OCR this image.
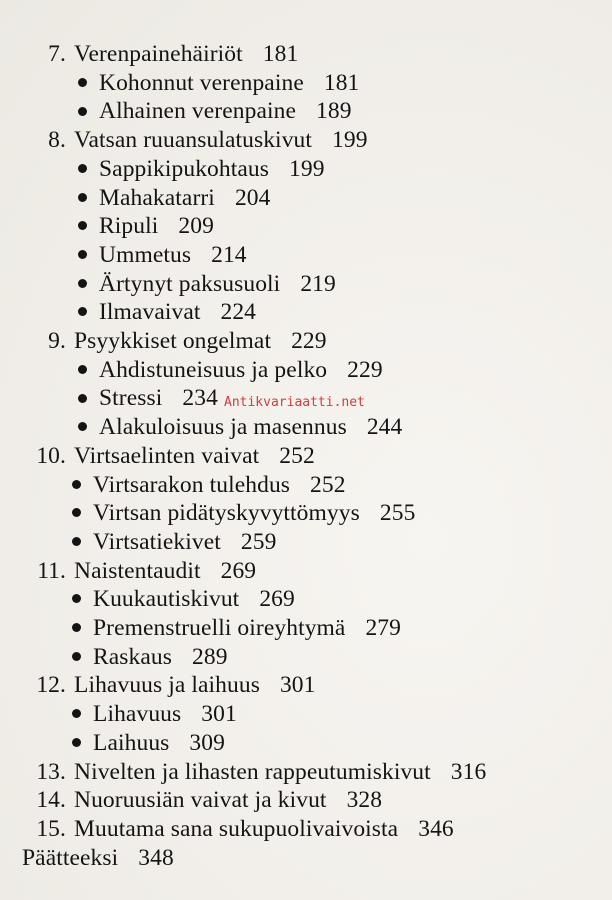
7. Verenpainehäiriöt 181
Kohonnut verenpaine 181
Alhainen verenpaine 189
8. Vatsan ruuansulatuskivut 199
Sappikipukohtaus 199
Mahakatarri 204
Ripuli 209
Ummetus 214
Ärtynyt paksusuoli 219
Ilmavaivat 224
9. Psyykkiset ongelmat 229
Ahdistuneisuus ja pelko 229
Stressi 234
Alakuloisuus ja masennus 244
10. Virtsaelinten vaivat 252
Virtsarakon tulehdus 252
Virtsan pidätyskyvyttömyys 255
Virtsatiekivet 259
11. Naistentaudit 269
Kuukautiskivut 269
Premenstruelli oireyhtymä 279
Raskaus 289
12. Lihavuus ja laihuus 301
Lihavuus 301
Laihuus 309
13. Nivelten ja lihasten rappeutumiskivut 316
14. Nuoruusiän vaivat ja kivut 328
15. Muutama sana sukupuolivaivoista 346
Päätteeksi 348
Antikvariaatti.net
